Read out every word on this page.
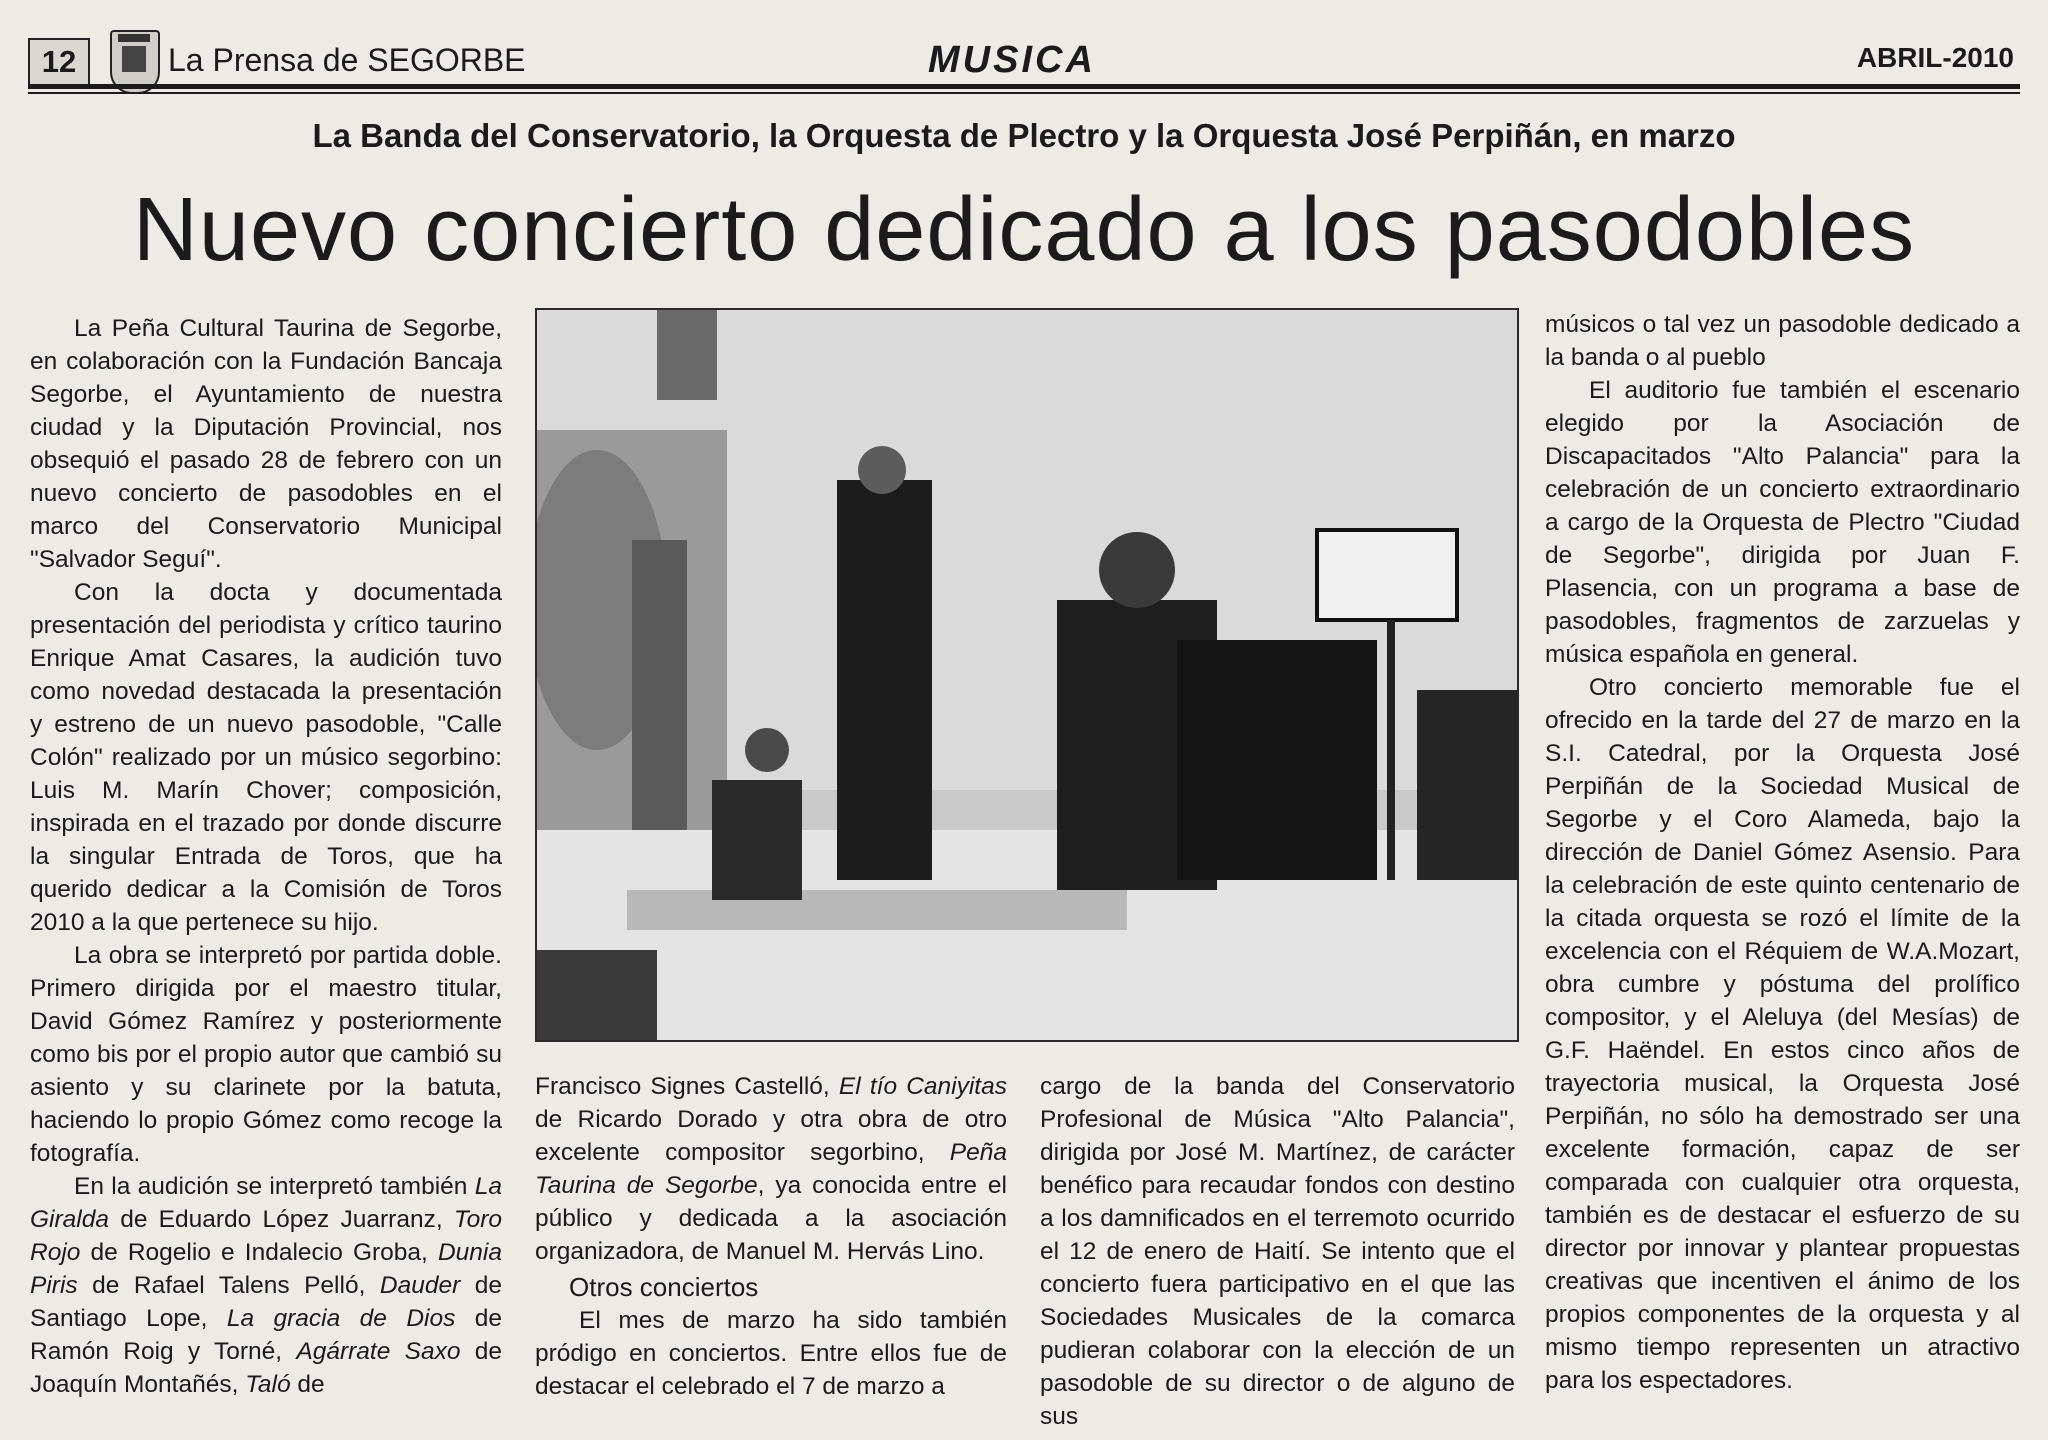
12	La Prensa de SEGORBE	MUSICA	ABRIL-2010
La Banda del Conservatorio, la Orquesta de Plectro y la Orquesta José Perpiñán, en marzo
Nuevo concierto dedicado a los pasodobles

La Peña Cultural Taurina de Segorbe, en colaboración con la Fundación Bancaja Segorbe, el Ayuntamiento de nuestra ciudad y la Diputación Provincial, nos obsequió el pasado 28 de febrero con un nuevo concierto de pasodobles en el marco del Conservatorio Municipal "Salvador Seguí".

Con la docta y documentada presentación del periodista y crítico taurino Enrique Amat Casares, la audición tuvo como novedad destacada la presentación y estreno de un nuevo pasodoble, "Calle Colón" realizado por un músico segorbino: Luis M. Marín Chover; composición, inspirada en el trazado por donde discurre la singular Entrada de Toros, que ha querido dedicar a la Comisión de Toros 2010 a la que pertenece su hijo.

La obra se interpretó por partida doble. Primero dirigida por el maestro titular, David Gómez Ramírez y posteriormente como bis por el propio autor que cambió su asiento y su clarinete por la batuta, haciendo lo propio Gómez como recoge la fotografía.

En la audición se interpretó también La Giralda de Eduardo López Juarranz, Toro Rojo de Rogelio e Indalecio Groba, Dunia Piris de Rafael Talens Pelló, Dauder de Santiago Lope, La gracia de Dios de Ramón Roig y Torné, Agárrate Saxo de Joaquín Montañés, Taló de

Francisco Signes Castelló, El tío Caniyitas de Ricardo Dorado y otra obra de otro excelente compositor segorbino, Peña Taurina de Segorbe, ya conocida entre el público y dedicada a la asociación organizadora, de Manuel M. Hervás Lino.

Otros conciertos

El mes de marzo ha sido también pródigo en conciertos. Entre ellos fue de destacar el celebrado el 7 de marzo a

cargo de la banda del Conservatorio Profesional de Música "Alto Palancia", dirigida por José M. Martínez, de carácter benéfico para recaudar fondos con destino a los damnificados en el terremoto ocurrido el 12 de enero de Haití. Se intento que el concierto fuera participativo en el que las Sociedades Musicales de la comarca pudieran colaborar con la elección de un pasodoble de su director o de alguno de sus

músicos o tal vez un pasodoble dedicado a la banda o al pueblo

El auditorio fue también el escenario elegido por la Asociación de Discapacitados "Alto Palancia" para la celebración de un concierto extraordinario a cargo de la Orquesta de Plectro "Ciudad de Segorbe", dirigida por Juan F. Plasencia, con un programa a base de pasodobles, fragmentos de zarzuelas y música española en general.

Otro concierto memorable fue el ofrecido en la tarde del 27 de marzo en la S.I. Catedral, por la Orquesta José Perpiñán de la Sociedad Musical de Segorbe y el Coro Alameda, bajo la dirección de Daniel Gómez Asensio. Para la celebración de este quinto centenario de la citada orquesta se rozó el límite de la excelencia con el Réquiem de W.A.Mozart, obra cumbre y póstuma del prolífico compositor, y el Aleluya (del Mesías) de G.F. Haëndel. En estos cinco años de trayectoria musical, la Orquesta José Perpiñán, no sólo ha demostrado ser una excelente formación, capaz de ser comparada con cualquier otra orquesta, también es de destacar el esfuerzo de su director por innovar y plantear propuestas creativas que incentiven el ánimo de los propios componentes de la orquesta y al mismo tiempo representen un atractivo para los espectadores.
